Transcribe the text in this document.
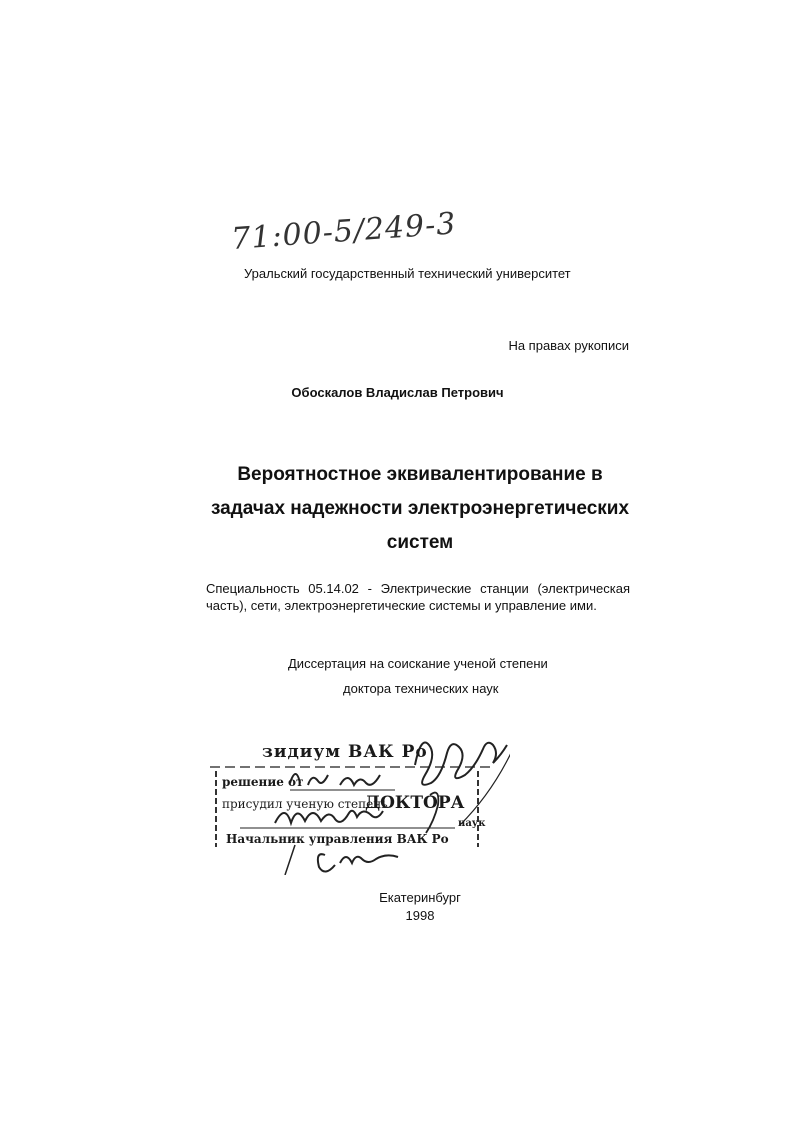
71:00-5/249-3
Уральский государственный технический университет
На правах рукописи
Обоскалов Владислав Петрович
Вероятностное эквивалентирование в задачах надежности электроэнергетических систем
Специальность 05.14.02 - Электрические станции (электрическая часть), сети, электроэнергетические системы и управление ими.
Диссертация на соискание ученой степени
доктора технических наук
зидиум ВАК Ро
решение от
присудил ученую степень
ДОКТОРА
наук
Начальник управления ВАК Ро
Екатеринбург
1998
